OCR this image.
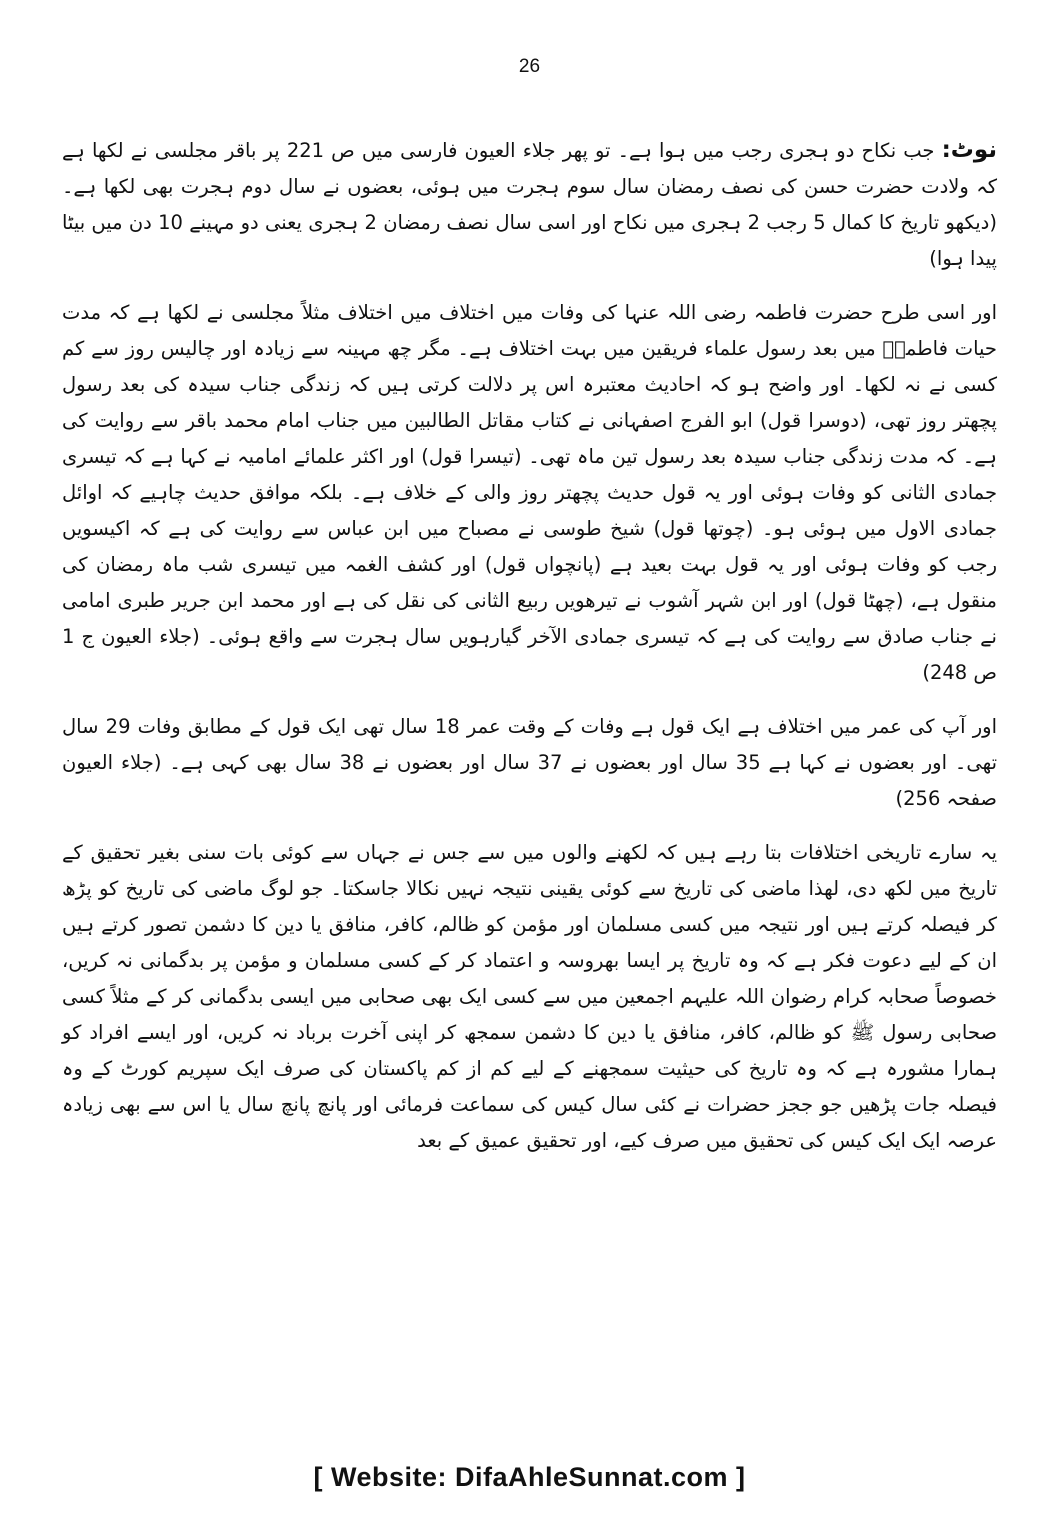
26

نوٹ: جب نکاح دو ہجری رجب میں ہوا ہے۔ تو پھر جلاء العیون فارسی میں ص 221 پر باقر مجلسی نے لکھا ہے کہ ولادت حضرت حسن کی نصف رمضان سال سوم ہجرت میں ہوئی، بعضوں نے سال دوم ہجرت بھی لکھا ہے۔ (دیکھو تاریخ کا کمال 5 رجب 2 ہجری میں نکاح اور اسی سال نصف رمضان 2 ہجری یعنی دو مہینے 10 دن میں بیٹا پیدا ہوا)

اور اسی طرح حضرت فاطمہ رضی اللہ عنہا کی وفات میں اختلاف میں اختلاف مثلاً مجلسی نے لکھا ہے کہ مدت حیات فاطمہؓ میں بعد رسول علماء فریقین میں بہت اختلاف ہے۔ مگر چھ مہینہ سے زیادہ اور چالیس روز سے کم کسی نے نہ لکھا۔ اور واضح ہو کہ احادیث معتبرہ اس پر دلالت کرتی ہیں کہ زندگی جناب سیدہ کی بعد رسول پچھتر روز تھی، (دوسرا قول) ابو الفرج اصفہانی نے کتاب مقاتل الطالبین میں جناب امام محمد باقر سے روایت کی ہے۔ کہ مدت زندگی جناب سیدہ بعد رسول تین ماہ تھی۔ (تیسرا قول) اور اکثر علمائے امامیہ نے کہا ہے کہ تیسری جمادی الثانی کو وفات ہوئی اور یہ قول حدیث پچھتر روز والی کے خلاف ہے۔ بلکہ موافق حدیث چاہیے کہ اوائل جمادی الاول میں ہوئی ہو۔ (چوتھا قول) شیخ طوسی نے مصباح میں ابن عباس سے روایت کی ہے کہ اکیسویں رجب کو وفات ہوئی اور یہ قول بہت بعید ہے (پانچواں قول) اور کشف الغمہ میں تیسری شب ماہ رمضان کی منقول ہے، (چھٹا قول) اور ابن شہر آشوب نے تیرھویں ربیع الثانی کی نقل کی ہے اور محمد ابن جریر طبری امامی نے جناب صادق سے روایت کی ہے کہ تیسری جمادی الآخر گیارہویں سال ہجرت سے واقع ہوئی۔ (جلاء العیون ج 1 ص 248)

اور آپ کی عمر میں اختلاف ہے ایک قول ہے وفات کے وقت عمر 18 سال تھی ایک قول کے مطابق وفات 29 سال تھی۔ اور بعضوں نے کہا ہے 35 سال اور بعضوں نے 37 سال اور بعضوں نے 38 سال بھی کہی ہے۔ (جلاء العیون صفحہ 256)

یہ سارے تاریخی اختلافات بتا رہے ہیں کہ لکھنے والوں میں سے جس نے جہاں سے کوئی بات سنی بغیر تحقیق کے تاریخ میں لکھ دی، لھذا ماضی کی تاریخ سے کوئی یقینی نتیجہ نہیں نکالا جاسکتا۔ جو لوگ ماضی کی تاریخ کو پڑھ کر فیصلہ کرتے ہیں اور نتیجہ میں کسی مسلمان اور مؤمن کو ظالم، کافر، منافق یا دین کا دشمن تصور کرتے ہیں ان کے لیے دعوت فکر ہے کہ وہ تاریخ پر ایسا بھروسہ و اعتماد کر کے کسی مسلمان و مؤمن پر بدگمانی نہ کریں، خصوصاً صحابہ کرام رضوان اللہ علیہم اجمعین میں سے کسی ایک بھی صحابی میں ایسی بدگمانی کر کے مثلاً کسی صحابی رسول ﷺ کو ظالم، کافر، منافق یا دین کا دشمن سمجھ کر اپنی آخرت برباد نہ کریں، اور ایسے افراد کو ہمارا مشورہ ہے کہ وہ تاریخ کی حیثیت سمجھنے کے لیے کم از کم پاکستان کی صرف ایک سپریم کورٹ کے وہ فیصلہ جات پڑھیں جو ججز حضرات نے کئی سال کیس کی سماعت فرمائی اور پانچ پانچ سال یا اس سے بھی زیادہ عرصہ ایک ایک کیس کی تحقیق میں صرف کیے، اور تحقیق عمیق کے بعد

[ Website: DifaAhleSunnat.com ]
